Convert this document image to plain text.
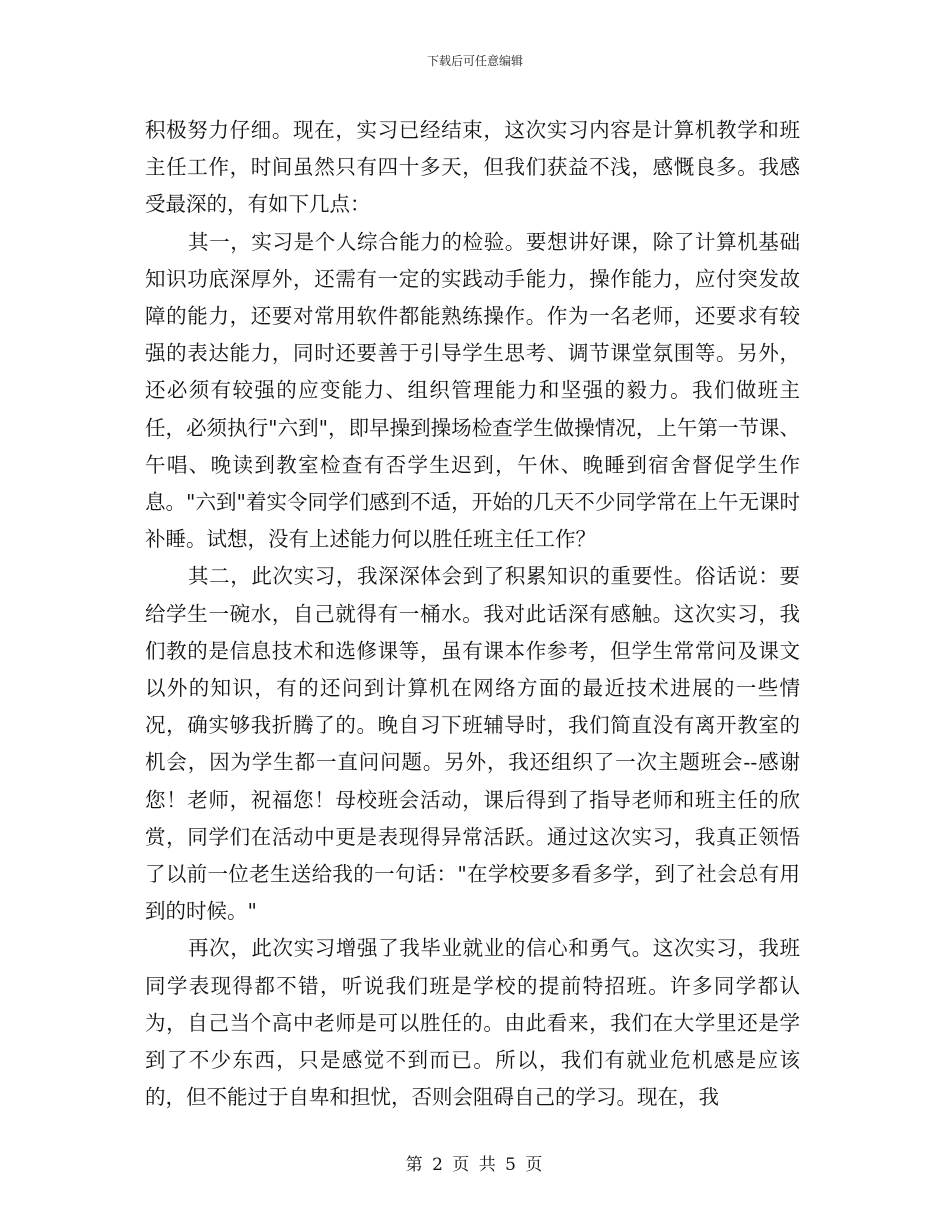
下载后可任意编辑

积极努力仔细。现在，实习已经结束，这次实习内容是计算机教学和班主任工作，时间虽然只有四十多天，但我们获益不浅，感慨良多。我感受最深的，有如下几点：

其一，实习是个人综合能力的检验。要想讲好课，除了计算机基础知识功底深厚外，还需有一定的实践动手能力，操作能力，应付突发故障的能力，还要对常用软件都能熟练操作。作为一名老师，还要求有较强的表达能力，同时还要善于引导学生思考、调节课堂氛围等。另外，还必须有较强的应变能力、组织管理能力和坚强的毅力。我们做班主任，必须执行"六到"，即早操到操场检查学生做操情况，上午第一节课、午唱、晚读到教室检查有否学生迟到，午休、晚睡到宿舍督促学生作息。"六到"着实令同学们感到不适，开始的几天不少同学常在上午无课时补睡。试想，没有上述能力何以胜任班主任工作？

其二，此次实习，我深深体会到了积累知识的重要性。俗话说：要给学生一碗水，自己就得有一桶水。我对此话深有感触。这次实习，我们教的是信息技术和选修课等，虽有课本作参考，但学生常常问及课文以外的知识，有的还问到计算机在网络方面的最近技术进展的一些情况，确实够我折腾了的。晚自习下班辅导时，我们简直没有离开教室的机会，因为学生都一直问问题。另外，我还组织了一次主题班会--感谢您！老师，祝福您！母校班会活动，课后得到了指导老师和班主任的欣赏，同学们在活动中更是表现得异常活跃。通过这次实习，我真正领悟了以前一位老生送给我的一句话："在学校要多看多学，到了社会总有用到的时候。"

再次，此次实习增强了我毕业就业的信心和勇气。这次实习，我班同学表现得都不错，听说我们班是学校的提前特招班。许多同学都认为，自己当个高中老师是可以胜任的。由此看来，我们在大学里还是学到了不少东西，只是感觉不到而已。所以，我们有就业危机感是应该的，但不能过于自卑和担忧，否则会阻碍自己的学习。现在，我

第 2 页 共 5 页
